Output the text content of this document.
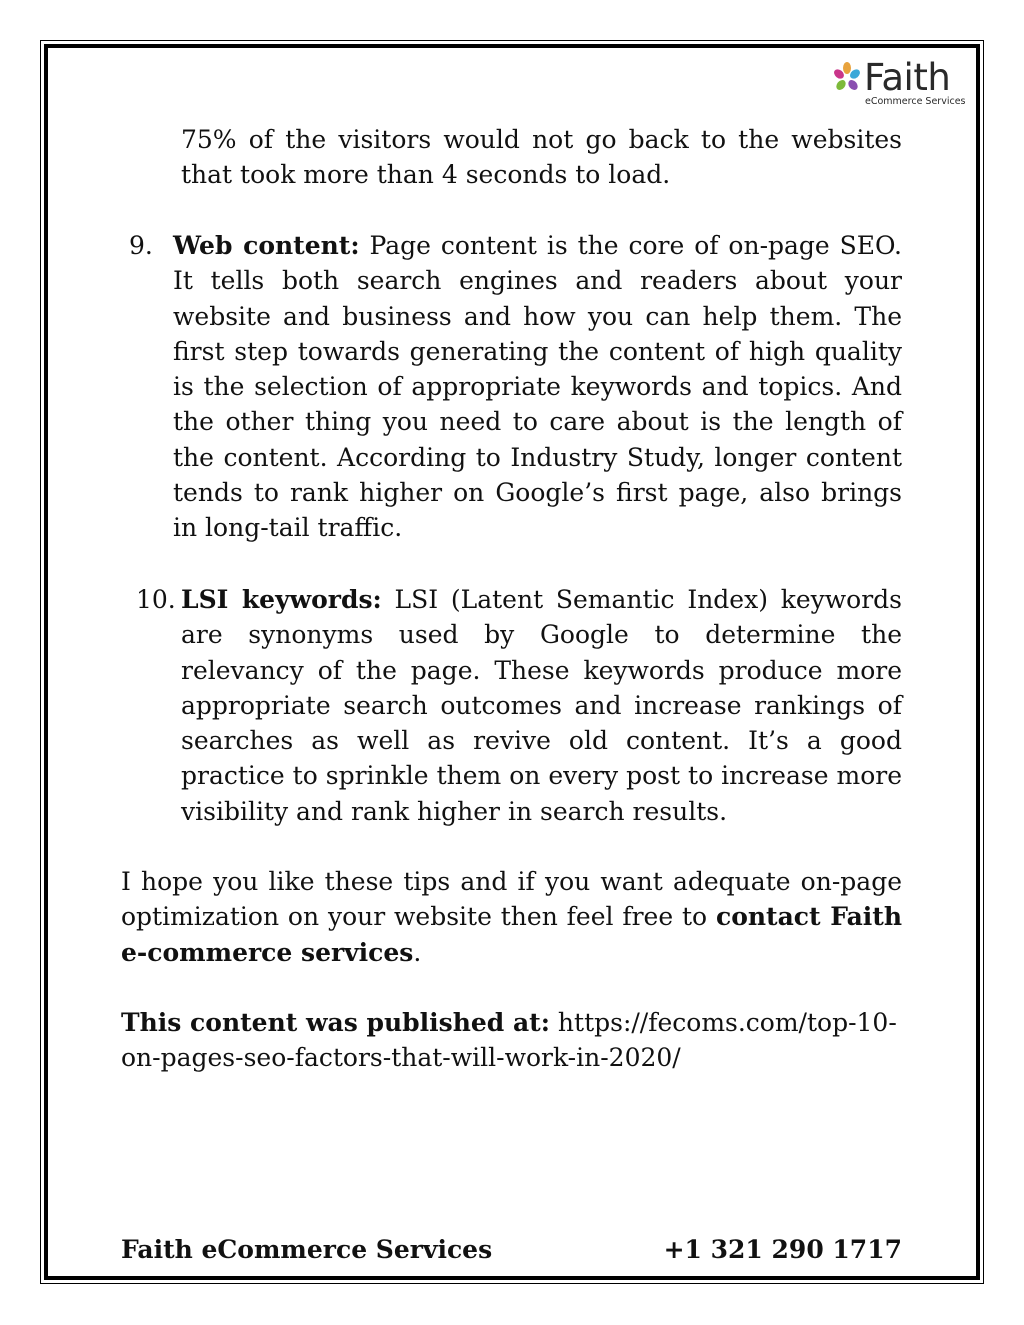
Faith
eCommerce Services

75% of the visitors would not go back to the websites that took more than 4 seconds to load.

9. Web content: Page content is the core of on-page SEO. It tells both search engines and readers about your website and business and how you can help them. The first step towards generating the content of high quality is the selection of appropriate keywords and topics. And the other thing you need to care about is the length of the content. According to Industry Study, longer content tends to rank higher on Google’s first page, also brings in long-tail traffic.

10. LSI keywords: LSI (Latent Semantic Index) keywords are synonyms used by Google to determine the relevancy of the page. These keywords produce more appropriate search outcomes and increase rankings of searches as well as revive old content. It’s a good practice to sprinkle them on every post to increase more visibility and rank higher in search results.

I hope you like these tips and if you want adequate on-page optimization on your website then feel free to contact Faith e-commerce services.

This content was published at: https://fecoms.com/top-10-on-pages-seo-factors-that-will-work-in-2020/

Faith eCommerce Services	+1 321 290 1717
